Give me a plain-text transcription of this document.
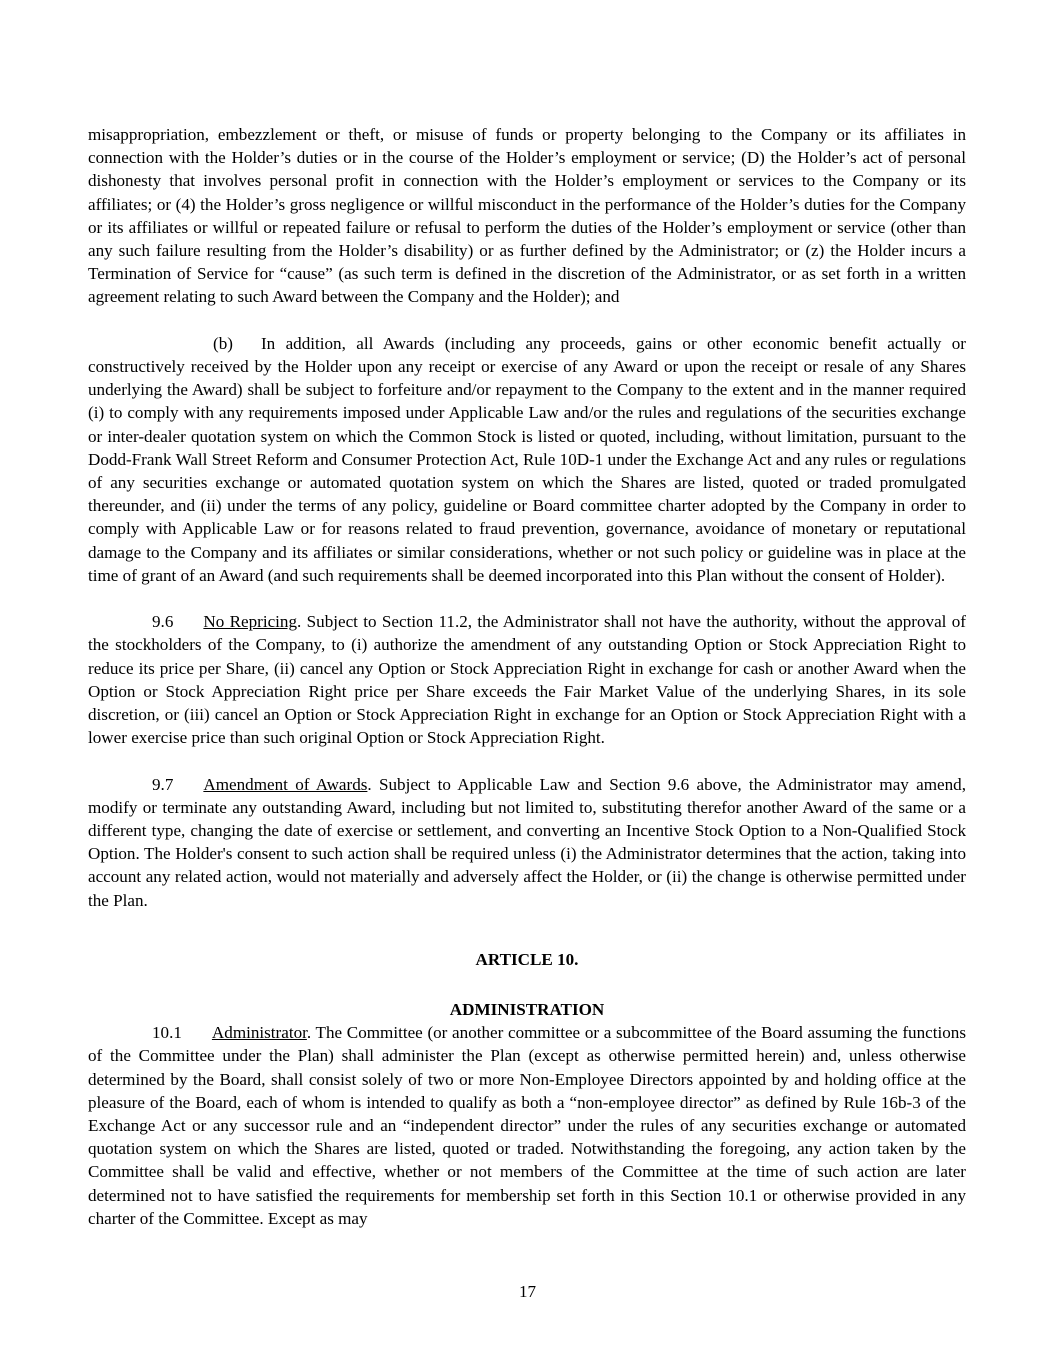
misappropriation, embezzlement or theft, or misuse of funds or property belonging to the Company or its affiliates in connection with the Holder’s duties or in the course of the Holder’s employment or service; (D) the Holder’s act of personal dishonesty that involves personal profit in connection with the Holder’s employment or services to the Company or its affiliates; or (4) the Holder’s gross negligence or willful misconduct in the performance of the Holder’s duties for the Company or its affiliates or willful or repeated failure or refusal to perform the duties of the Holder’s employment or service (other than any such failure resulting from the Holder’s disability) or as further defined by the Administrator; or (z) the Holder incurs a Termination of Service for “cause” (as such term is defined in the discretion of the Administrator, or as set forth in a written agreement relating to such Award between the Company and the Holder); and

(b) In addition, all Awards (including any proceeds, gains or other economic benefit actually or constructively received by the Holder upon any receipt or exercise of any Award or upon the receipt or resale of any Shares underlying the Award) shall be subject to forfeiture and/or repayment to the Company to the extent and in the manner required (i) to comply with any requirements imposed under Applicable Law and/or the rules and regulations of the securities exchange or inter-dealer quotation system on which the Common Stock is listed or quoted, including, without limitation, pursuant to the Dodd-Frank Wall Street Reform and Consumer Protection Act, Rule 10D-1 under the Exchange Act and any rules or regulations of any securities exchange or automated quotation system on which the Shares are listed, quoted or traded promulgated thereunder, and (ii) under the terms of any policy, guideline or Board committee charter adopted by the Company in order to comply with Applicable Law or for reasons related to fraud prevention, governance, avoidance of monetary or reputational damage to the Company and its affiliates or similar considerations, whether or not such policy or guideline was in place at the time of grant of an Award (and such requirements shall be deemed incorporated into this Plan without the consent of Holder).

9.6 No Repricing. Subject to Section 11.2, the Administrator shall not have the authority, without the approval of the stockholders of the Company, to (i) authorize the amendment of any outstanding Option or Stock Appreciation Right to reduce its price per Share, (ii) cancel any Option or Stock Appreciation Right in exchange for cash or another Award when the Option or Stock Appreciation Right price per Share exceeds the Fair Market Value of the underlying Shares, in its sole discretion, or (iii) cancel an Option or Stock Appreciation Right in exchange for an Option or Stock Appreciation Right with a lower exercise price than such original Option or Stock Appreciation Right.

9.7 Amendment of Awards. Subject to Applicable Law and Section 9.6 above, the Administrator may amend, modify or terminate any outstanding Award, including but not limited to, substituting therefor another Award of the same or a different type, changing the date of exercise or settlement, and converting an Incentive Stock Option to a Non-Qualified Stock Option. The Holder's consent to such action shall be required unless (i) the Administrator determines that the action, taking into account any related action, would not materially and adversely affect the Holder, or (ii) the change is otherwise permitted under the Plan.

ARTICLE 10.
ADMINISTRATION

10.1 Administrator. The Committee (or another committee or a subcommittee of the Board assuming the functions of the Committee under the Plan) shall administer the Plan (except as otherwise permitted herein) and, unless otherwise determined by the Board, shall consist solely of two or more Non-Employee Directors appointed by and holding office at the pleasure of the Board, each of whom is intended to qualify as both a “non-employee director” as defined by Rule 16b-3 of the Exchange Act or any successor rule and an “independent director” under the rules of any securities exchange or automated quotation system on which the Shares are listed, quoted or traded. Notwithstanding the foregoing, any action taken by the Committee shall be valid and effective, whether or not members of the Committee at the time of such action are later determined not to have satisfied the requirements for membership set forth in this Section 10.1 or otherwise provided in any charter of the Committee. Except as may

17
